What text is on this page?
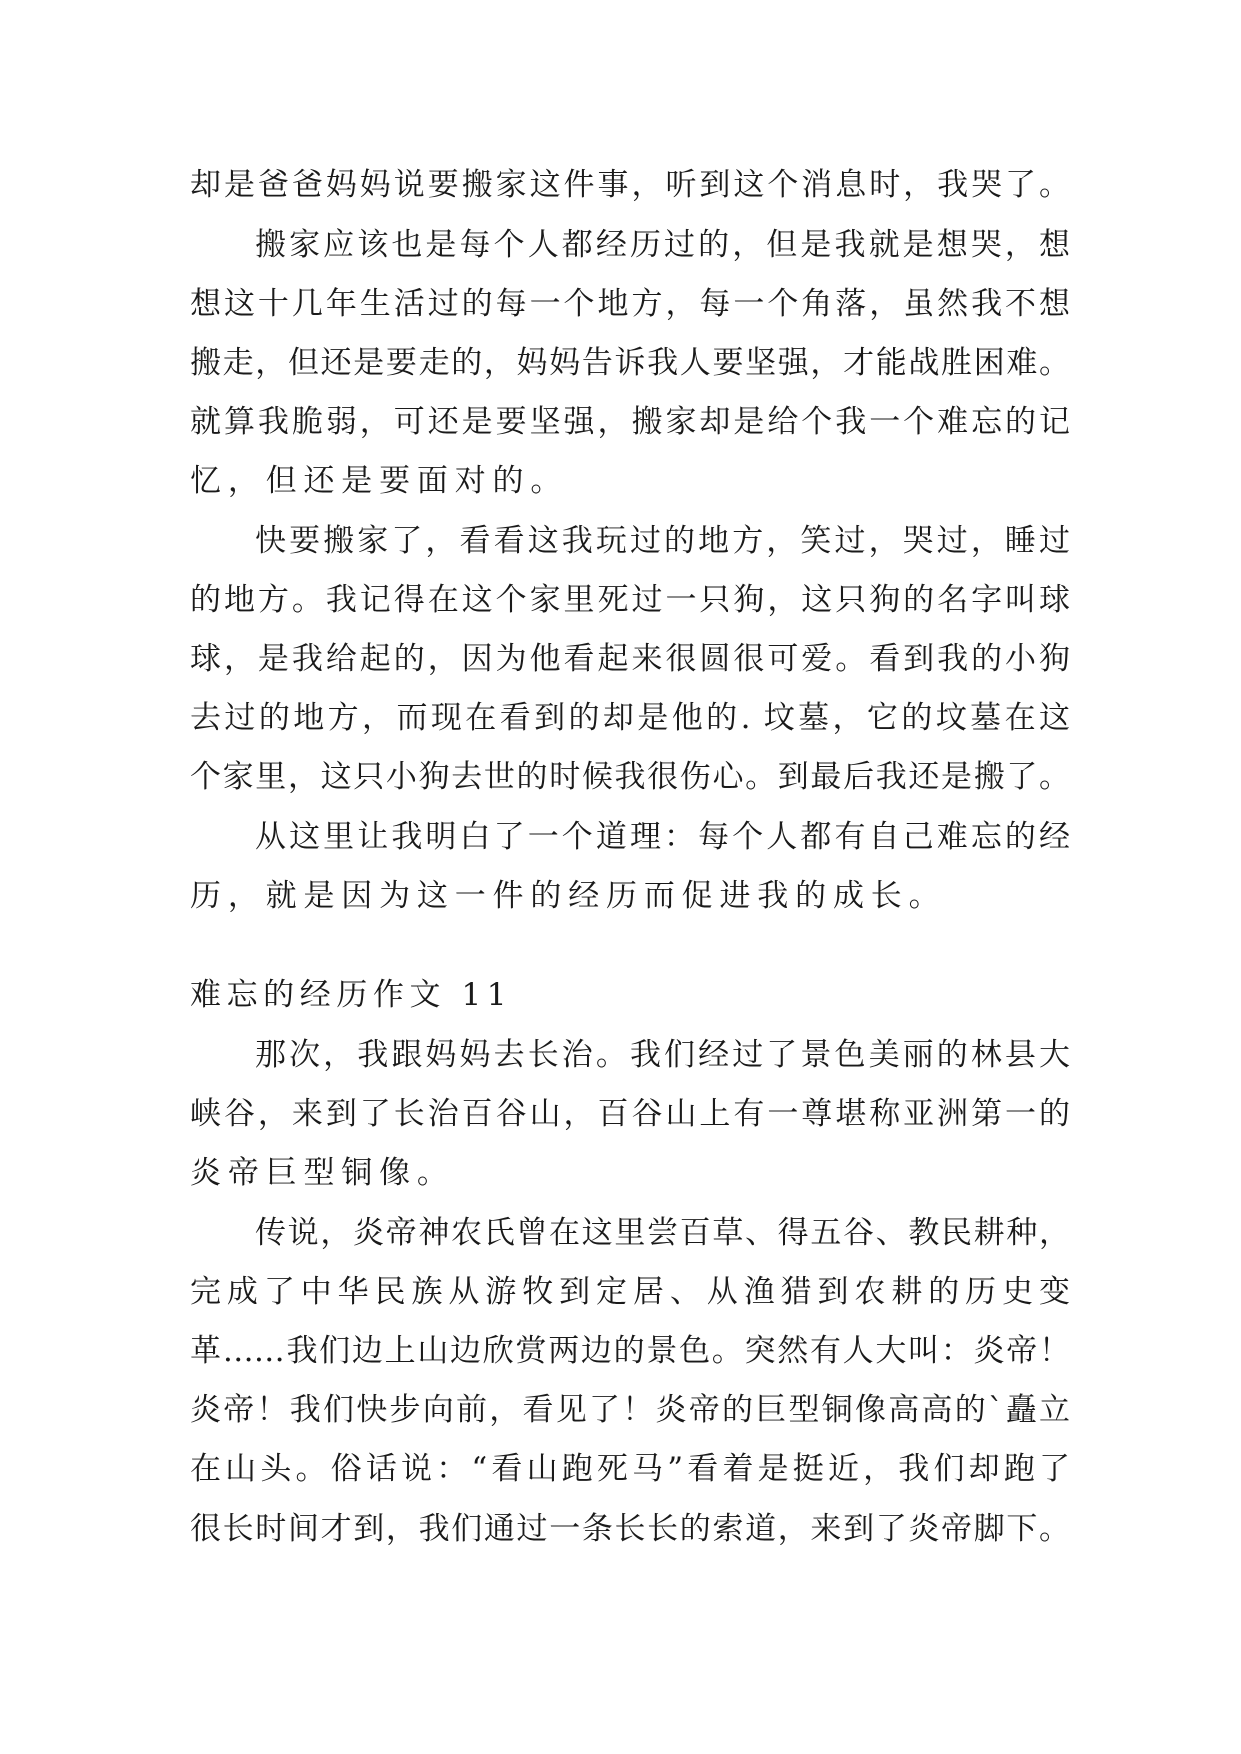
却是爸爸妈妈说要搬家这件事，听到这个消息时，我哭了。
搬家应该也是每个人都经历过的，但是我就是想哭，想
想这十几年生活过的每一个地方，每一个角落，虽然我不想
搬走，但还是要走的，妈妈告诉我人要坚强，才能战胜困难。
就算我脆弱，可还是要坚强，搬家却是给个我一个难忘的记
忆，但还是要面对的。
快要搬家了，看看这我玩过的地方，笑过，哭过，睡过
的地方。我记得在这个家里死过一只狗，这只狗的名字叫球
球，是我给起的，因为他看起来很圆很可爱。看到我的小狗
去过的地方，而现在看到的却是他的. 坟墓，它的坟墓在这
个家里，这只小狗去世的时候我很伤心。到最后我还是搬了。
从这里让我明白了一个道理：每个人都有自己难忘的经
历，就是因为这一件的经历而促进我的成长。
难忘的经历作文 11
那次，我跟妈妈去长治。我们经过了景色美丽的林县大
峡谷，来到了长治百谷山，百谷山上有一尊堪称亚洲第一的
炎帝巨型铜像。
传说，炎帝神农氏曾在这里尝百草、得五谷、教民耕种，
完成了中华民族从游牧到定居、从渔猎到农耕的历史变
革……我们边上山边欣赏两边的景色。突然有人大叫：炎帝！
炎帝！我们快步向前，看见了！炎帝的巨型铜像高高的`矗立
在山头。俗话说：“看山跑死马”看着是挺近，我们却跑了
很长时间才到，我们通过一条长长的索道，来到了炎帝脚下。
